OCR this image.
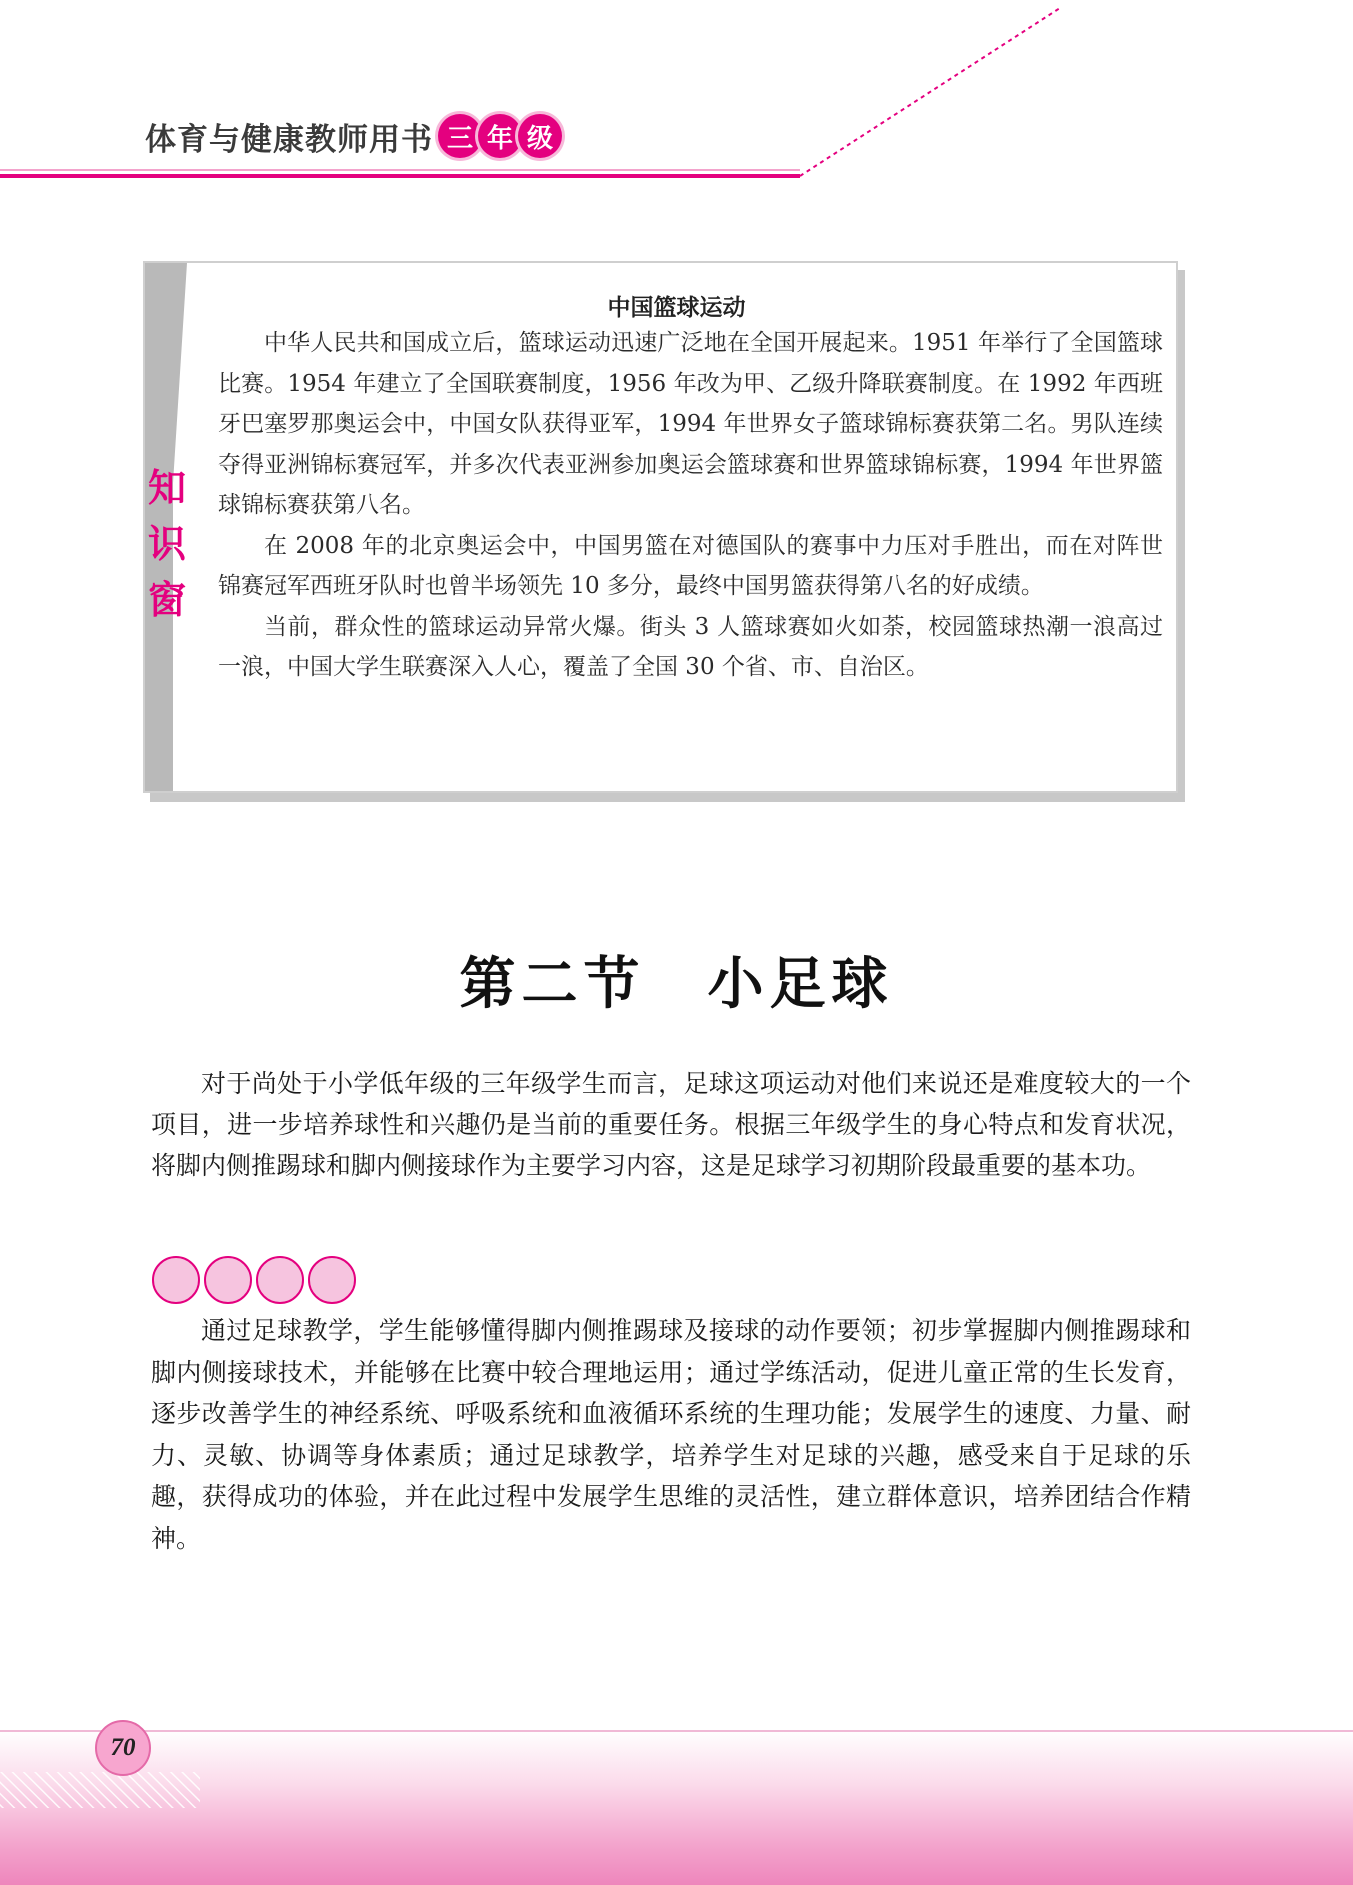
体育与健康教师用书 三 年 级
知
识
窗
中国篮球运动

中华人民共和国成立后，篮球运动迅速广泛地在全国开展起来。1951 年举行了全国篮球比赛。1954 年建立了全国联赛制度，1956 年改为甲、乙级升降联赛制度。在 1992 年西班牙巴塞罗那奥运会中，中国女队获得亚军，1994 年世界女子篮球锦标赛获第二名。男队连续夺得亚洲锦标赛冠军，并多次代表亚洲参加奥运会篮球赛和世界篮球锦标赛，1994 年世界篮球锦标赛获第八名。

在 2008 年的北京奥运会中，中国男篮在对德国队的赛事中力压对手胜出，而在对阵世锦赛冠军西班牙队时也曾半场领先 10 多分，最终中国男篮获得第八名的好成绩。

当前，群众性的篮球运动异常火爆。街头 3 人篮球赛如火如荼，校园篮球热潮一浪高过一浪，中国大学生联赛深入人心，覆盖了全国 30 个省、市、自治区。

第二节　小足球

对于尚处于小学低年级的三年级学生而言，足球这项运动对他们来说还是难度较大的一个项目，进一步培养球性和兴趣仍是当前的重要任务。根据三年级学生的身心特点和发育状况，将脚内侧推踢球和脚内侧接球作为主要学习内容，这是足球学习初期阶段最重要的基本功。

通过足球教学，学生能够懂得脚内侧推踢球及接球的动作要领；初步掌握脚内侧推踢球和脚内侧接球技术，并能够在比赛中较合理地运用；通过学练活动，促进儿童正常的生长发育，逐步改善学生的神经系统、呼吸系统和血液循环系统的生理功能；发展学生的速度、力量、耐力、灵敏、协调等身体素质；通过足球教学，培养学生对足球的兴趣，感受来自于足球的乐趣，获得成功的体验，并在此过程中发展学生思维的灵活性，建立群体意识，培养团结合作精神。

70
